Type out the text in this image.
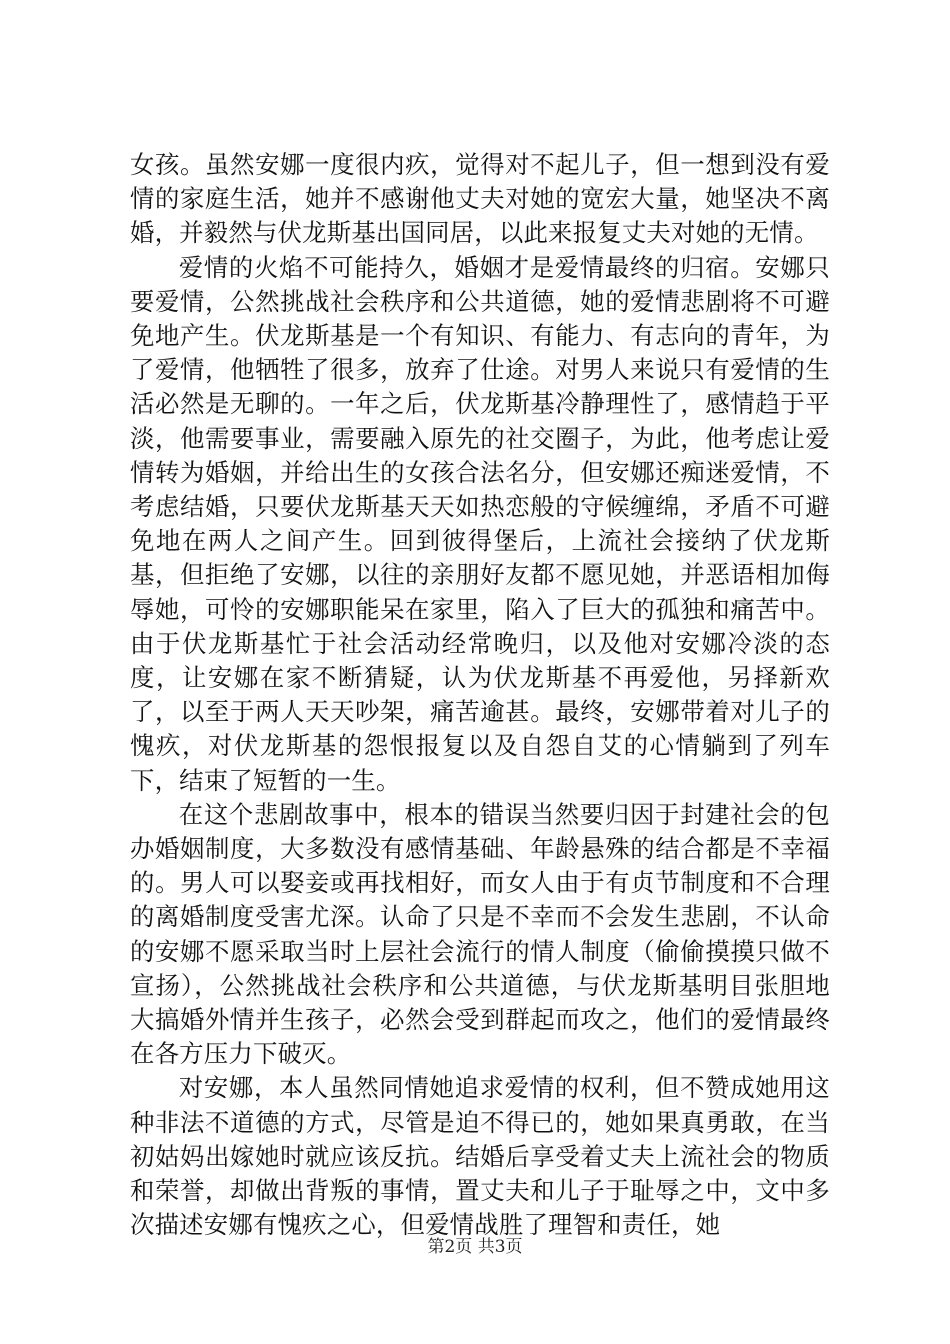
女孩。虽然安娜一度很内疚，觉得对不起儿子，但一想到没有爱情的家庭生活，她并不感谢他丈夫对她的宽宏大量，她坚决不离婚，并毅然与伏龙斯基出国同居，以此来报复丈夫对她的无情。

爱情的火焰不可能持久，婚姻才是爱情最终的归宿。安娜只要爱情，公然挑战社会秩序和公共道德，她的爱情悲剧将不可避免地产生。伏龙斯基是一个有知识、有能力、有志向的青年，为了爱情，他牺牲了很多，放弃了仕途。对男人来说只有爱情的生活必然是无聊的。一年之后，伏龙斯基冷静理性了，感情趋于平淡，他需要事业，需要融入原先的社交圈子，为此，他考虑让爱情转为婚姻，并给出生的女孩合法名分，但安娜还痴迷爱情，不考虑结婚，只要伏龙斯基天天如热恋般的守候缠绵，矛盾不可避免地在两人之间产生。回到彼得堡后，上流社会接纳了伏龙斯基，但拒绝了安娜，以往的亲朋好友都不愿见她，并恶语相加侮辱她，可怜的安娜职能呆在家里，陷入了巨大的孤独和痛苦中。由于伏龙斯基忙于社会活动经常晚归，以及他对安娜冷淡的态度，让安娜在家不断猜疑，认为伏龙斯基不再爱他，另择新欢了，以至于两人天天吵架，痛苦逾甚。最终，安娜带着对儿子的愧疚，对伏龙斯基的怨恨报复以及自怨自艾的心情躺到了列车下，结束了短暂的一生。

在这个悲剧故事中，根本的错误当然要归因于封建社会的包办婚姻制度，大多数没有感情基础、年龄悬殊的结合都是不幸福的。男人可以娶妾或再找相好，而女人由于有贞节制度和不合理的离婚制度受害尤深。认命了只是不幸而不会发生悲剧，不认命的安娜不愿采取当时上层社会流行的情人制度（偷偷摸摸只做不宣扬），公然挑战社会秩序和公共道德，与伏龙斯基明目张胆地大搞婚外情并生孩子，必然会受到群起而攻之，他们的爱情最终在各方压力下破灭。

对安娜，本人虽然同情她追求爱情的权利，但不赞成她用这种非法不道德的方式，尽管是迫不得已的，她如果真勇敢，在当初姑妈出嫁她时就应该反抗。结婚后享受着丈夫上流社会的物质和荣誉，却做出背叛的事情，置丈夫和儿子于耻辱之中，文中多次描述安娜有愧疚之心，但爱情战胜了理智和责任，她

第2页 共3页
